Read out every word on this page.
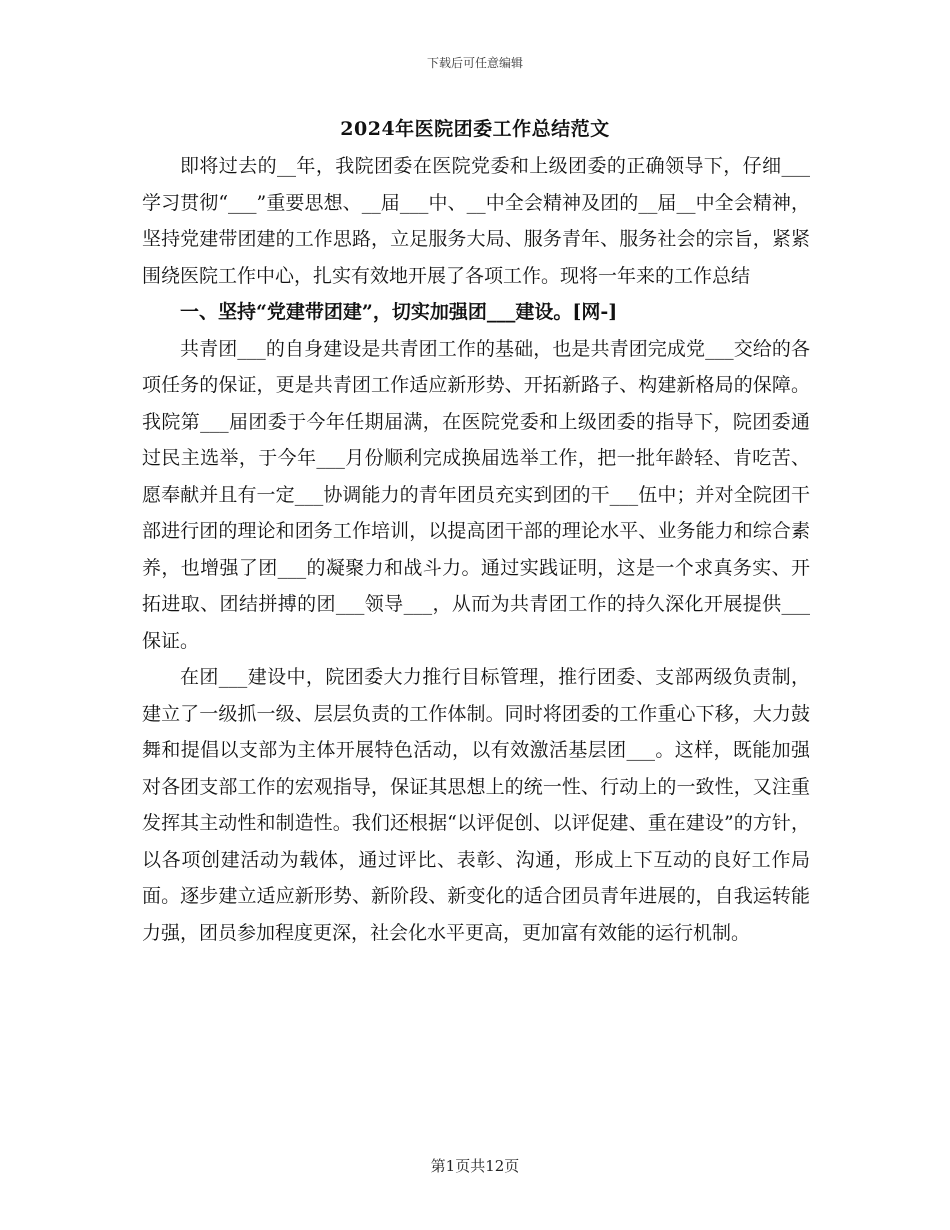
下载后可任意编辑
2024年医院团委工作总结范文

即将过去的__年，我院团委在医院党委和上级团委的正确领导下，仔细___学习贯彻“___”重要思想、__届___中、__中全会精神及团的__届__中全会精神，坚持党建带团建的工作思路，立足服务大局、服务青年、服务社会的宗旨，紧紧围绕医院工作中心，扎实有效地开展了各项工作。现将一年来的工作总结

一、坚持“党建带团建”，切实加强团___建设。[网-]

共青团___的自身建设是共青团工作的基础，也是共青团完成党___交给的各项任务的保证，更是共青团工作适应新形势、开拓新路子、构建新格局的保障。我院第___届团委于今年任期届满，在医院党委和上级团委的指导下，院团委通过民主选举，于今年___月份顺利完成换届选举工作，把一批年龄轻、肯吃苦、愿奉献并且有一定___协调能力的青年团员充实到团的干___伍中；并对全院团干部进行团的理论和团务工作培训，以提高团干部的理论水平、业务能力和综合素养，也增强了团___的凝聚力和战斗力。通过实践证明，这是一个求真务实、开拓进取、团结拼搏的团___领导___，从而为共青团工作的持久深化开展提供___保证。

在团___建设中，院团委大力推行目标管理，推行团委、支部两级负责制，建立了一级抓一级、层层负责的工作体制。同时将团委的工作重心下移，大力鼓舞和提倡以支部为主体开展特色活动，以有效激活基层团___。这样，既能加强对各团支部工作的宏观指导，保证其思想上的统一性、行动上的一致性，又注重发挥其主动性和制造性。我们还根据“以评促创、以评促建、重在建设”的方针，以各项创建活动为载体，通过评比、表彰、沟通，形成上下互动的良好工作局面。逐步建立适应新形势、新阶段、新变化的适合团员青年进展的，自我运转能力强，团员参加程度更深，社会化水平更高，更加富有效能的运行机制。

第1页共12页
